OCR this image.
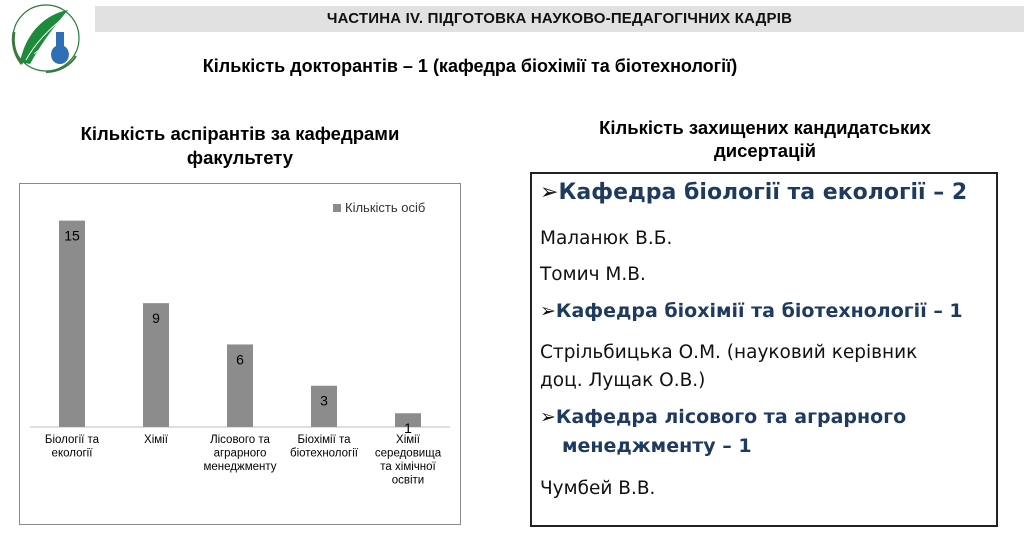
ЧАСТИНА IV. ПІДГОТОВКА НАУКОВО-ПЕДАГОГІЧНИХ КАДРІВ
Кількість докторантів – 1 (кафедра біохімії та біотехнології)
Кількість аспірантів за кафедрами
факультету
Кількість захищених кандидатських
дисертацій
15
Біології та
екології
9
Хімії
6
Лісового та
аграрного
менеджменту
3
Біохімії та
біотехнології
1
Хімії
середовища
та хімічної
освіти
Кількість осіб
➢Кафедра біології та екології – 2
Маланюк В.Б.
Томич М.В.
➢Кафедра біохімії та біотехнології – 1
Стрільбицька О.М. (науковий керівник
доц. Лущак О.В.)
➢Кафедра лісового та аграрного
менеджменту – 1
Чумбей В.В.
